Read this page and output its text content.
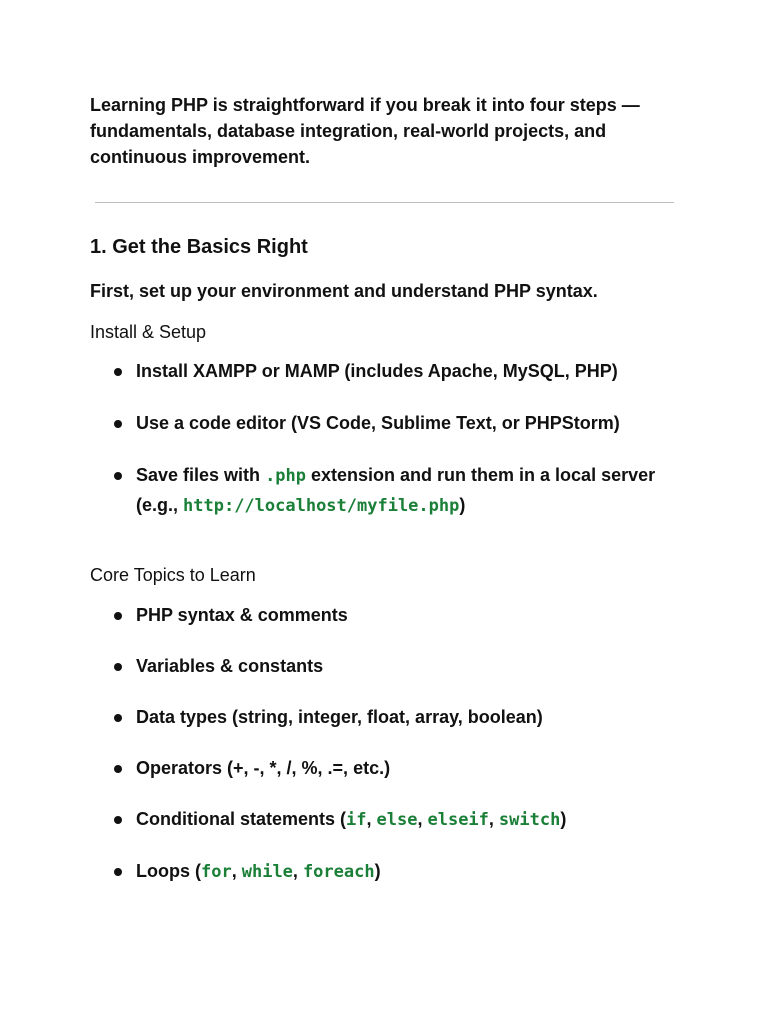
Learning PHP is straightforward if you break it into four steps — fundamentals, database integration, real-world projects, and continuous improvement.

1. Get the Basics Right

First, set up your environment and understand PHP syntax.

Install & Setup

Install XAMPP or MAMP (includes Apache, MySQL, PHP)
Use a code editor (VS Code, Sublime Text, or PHPStorm)
Save files with .php extension and run them in a local server (e.g., http://localhost/myfile.php)

Core Topics to Learn

PHP syntax & comments
Variables & constants
Data types (string, integer, float, array, boolean)
Operators (+, -, *, /, %, .=, etc.)
Conditional statements (if, else, elseif, switch)
Loops (for, while, foreach)
